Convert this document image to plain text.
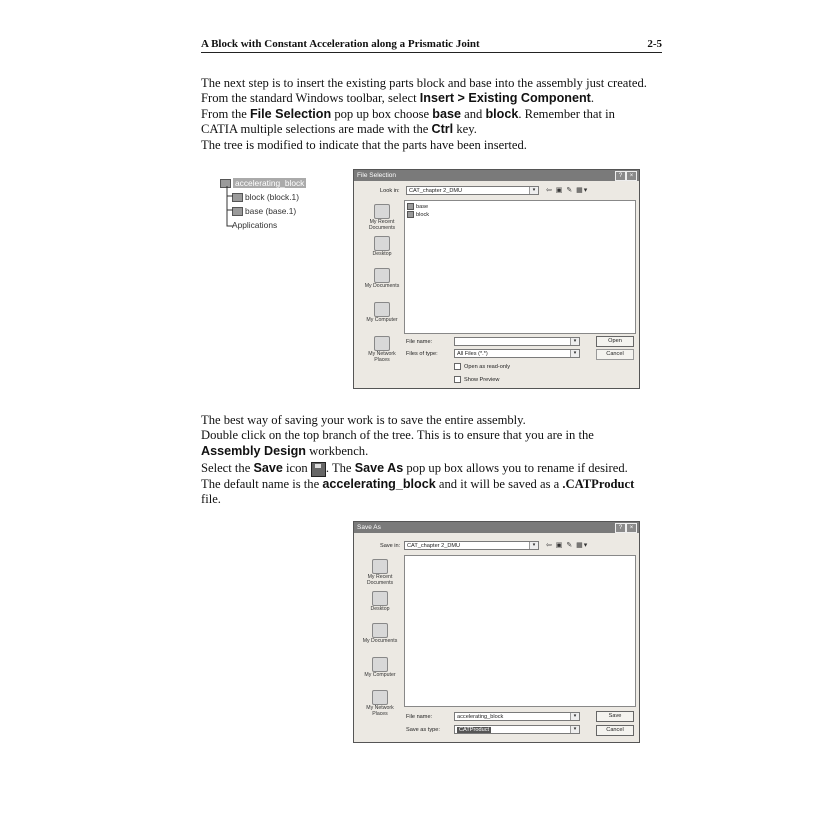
A Block with Constant Acceleration along a Prismatic Joint	2-5
The next step is to insert the existing parts block and base into the assembly just created.
From the standard Windows toolbar, select Insert > Existing Component.
From the File Selection pop up box choose base and block. Remember that in
CATIA multiple selections are made with the Ctrl key.
The tree is modified to indicate that the parts have been inserted.
accelerating_block
block (block.1)
base (base.1)
Applications
File Selection	?	×
Look in:	CAT_chapter 2_DMU	▾	⇦ ▣ ✎ ▦▾
My Recent Documents
Desktop
My Documents
My Computer
My Network Places
base
block
File name:	▾
Files of type:	All Files (*.*)	▾
Open
Cancel
Open as read-only
Show Preview
The best way of saving your work is to save the entire assembly.
Double click on the top branch of the tree. This is to ensure that you are in the
Assembly Design workbench.
Select the Save icon . The Save As pop up box allows you to rename if desired.
The default name is the accelerating_block and it will be saved as a .CATProduct
file.
Save As	?	×
Save in:	CAT_chapter 2_DMU	▾	⇦ ▣ ✎ ▦▾
My Recent Documents
Desktop
My Documents
My Computer
My Network Places
File name:	accelerating_block	▾
Save as type:	CATProduct	▾
Save
Cancel
